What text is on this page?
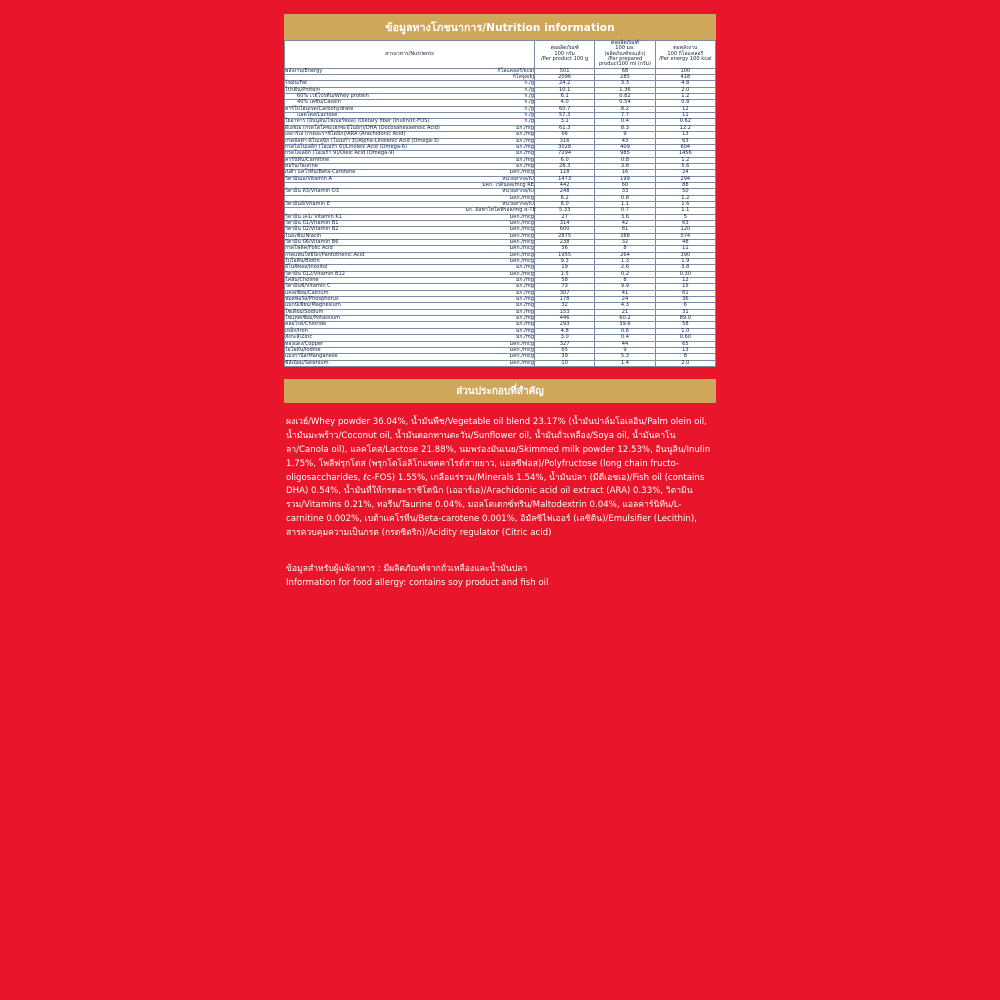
ข้อมูลทางโภชนาการ/Nutrition information
สารอาหาร/Nutrients	
ต่อผลิตภัณฑ์
100 กรัม
/Per product 100 g

ต่อผลิตภัณฑ์
100 มล.
(ผลิตภัณฑ์ชงแล้ว)
/Per prepared product100 ml (กรัม)

ต่อพลังงาน
100 กิโลแคลอรี
/Per energy 100 kcal

พลังงาน/Energy	กิโลแคลอรี/kcal	501	68	100
	กิโลจูล/kJ	2096	285	418
ไขมัน/Fat	ก./g	24.2	3.3	4.8
โปรตีน/Protein	ก./g	10.1	1.36	2.0
60% เวย์โปรตีน/Whey protein	ก./g	6.1	0.82	1.2
40% เคซีน/Casein	ก./g	4.0	0.54	0.8
คาร์โบไฮเดรต/Carbohydrate	ก./g	60.7	8.2	12
แลคโตส/Lactose	ก./g	57.3	7.7	11
ใยอาหาร (อินนูลิน/ไฟเบอร์ซอล) /Dietary fiber (Inulin/ℓc-FOS)	ก./g	3.1	0.4	0.62
ดีเอชเอ (กรดโดโคซะเฮกซะอีโนอิก)/DHA (Docosahexaenoic Acid)	มก./mg	61.3	8.3	12.2
เออาร์เอ (กรดอะราชิโดนิก)/ARA (Arachidonic Acid)	มก./mg	66	9	13
กรดอัลฟา-ลิโนเลนิก (โอเมก้า 3)/Alpha-Linolenic Acid (Omega-3)	มก./mg	316	43	63
กรดไลโนเลอิก (โอเมก้า 6)/Linoleic Acid (Omega-6)	มก./mg	3028	409	604
กรดโอเลอิก (โอเมก้า 9)/Oleic Acid (Omega-9)	มก./mg	7294	985	1456
คาร์นิทีน/Carnitine	มก./mg	6.0	0.8	1.2
ทอรีน/Taurine	มก./mg	28.3	3.8	5.6
เบต้า แคโรทีน/Beta-Carotene	มคก./mcg	118	16	24
วิตามินเอ/Vitamin A	หน่วยสากล/IU	1473	199	294
	มคก. เรดินอล/mcg RE	442	60	88
วิตามิน ดี3/Vitamin D3	หน่วยสากล/IU	248	33	50
	มคก./mcg	6.2	0.8	1.2
วิตามินอี/Vitamin E	หน่วยสากล/IU	8.0	1.1	1.6
	มก. อัลฟาโทโคฟีรอล/mg α-TE	5.33	0.7	1.1
วิตามิน เค1/ Vitamin K1	มคก./mcg	27	3.6	5
วิตามิน บี1/Vitamin B1	มคก./mcg	314	42	63
วิตามิน บี2/Vitamin B2	มคก./mcg	600	81	120
ไนอะซิน/Niacin	มคก./mcg	2875	388	574
วิตามิน บี6/Vitamin B6	มคก./mcg	238	32	48
กรดโฟลิค/Folic Acid	มคก./mcg	56	8	11
กรดแพนโทธินิก/Pantothenic Acid	มคก./mcg	1955	264	390
ไบโอติน/Biotin	มคก./mcg	9.3	1.3	1.9
อีโนซิทอล/Inositol	มก./mg	19	2.6	3.8
วิตามิน บี12/Vitamin B12	มคก./mcg	1.5	0.2	0.30
โคลีน/Choline	มก./mg	58	8	12
วิตามินซี/Vitamin C	มก./mg	73	9.9	15
แคลเซียม/Calcium	มก./mg	307	41	61
ฟอสฟอรัส/Phosphorus	มก./mg	178	24	36
แมกนีเซียม/Magnesium	มก./mg	32	4.3	6
โซเดียม/Sodium	มก./mg	153	21	31
โพแทสเซียม/Potassium	มก./mg	446	60.2	89.0
คลอไรด์/Chloride	มก./mg	293	39.6	58
เหล็ก/Iron	มก./mg	4.8	0.6	1.0
สังกะสี/Zinc	มก./mg	3.0	0.4	0.60
ทองแดง/Copper	มคก./mcg	327	44	65
ไอโอดีน/Iodine	มคก./mcg	65	9	13
แมงกานีส/Manganese	มคก./mcg	39	5.3	8
ซีลีเนียม/Selenium	มคก./mcg	10	1.4	2.0
ส่วนประกอบที่สำคัญ
ผงเวย์/Whey powder 36.04%, น้ำมันพืช/Vegetable oil blend 23.17% (น้ำมันปาล์มโอเลอิน/Palm olein oil, น้ำมันมะพร้าว/Coconut oil, น้ำมันดอกทานตะวัน/Sunflower oil, น้ำมันถั่วเหลือง/Soya oil, น้ำมันคาโนลา/Canola oil), แลคโตส/Lactose 21.88%, นมพร่องมันเนย/Skimmed milk powder 12.53%, อินนูลิน/Inulin 1.75%, โพลีฟรุกโตส (พรุกโตโอลิโกแซคคาไรด์สายยาว, แอลซีฟอส)/Polyfructose (long chain fructo-oligosaccharides, ℓc-FOS) 1.55%, เกลือแร่รวม/Minerals 1.54%, น้ำมันปลา (มีดีเอชเอ)/Fish oil (contains DHA) 0.54%, น้ำมันที่ให้กรดอะราชิโดนิก (เออาร์เอ)/Arachidonic acid oil extract (ARA) 0.33%, วิตามินรวม/Vitamins 0.21%, ทอรีน/Taurine 0.04%, มอลโตเดกซ์ทริน/Maltodextrin 0.04%, แอลคาร์นิทีน/L-carnitine 0.002%, เบต้าแคโรทีน/Beta-carotene 0.001%, อิมัลซิไฟเออร์ (เลซิติน)/Emulsifier (Lecithin), สารควบคุมความเป็นกรด (กรดซิตริก)/Acidity regulator (Citric acid)
ข้อมูลสำหรับผู้แพ้อาหาร : มีผลิตภัณฑ์จากถั่วเหลืองและน้ำมันปลา
Information for food allergy: contains soy product and fish oil
